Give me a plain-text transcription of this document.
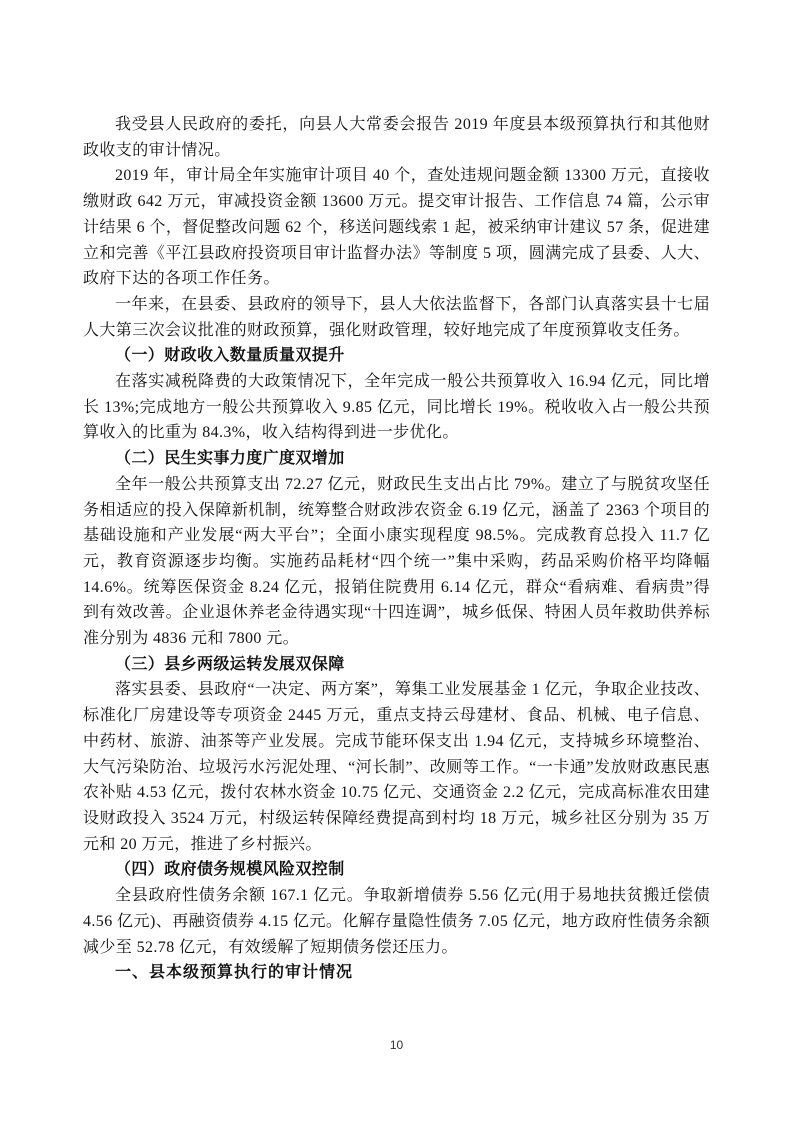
我受县人民政府的委托，向县人大常委会报告 2019 年度县本级预算执行和其他财政收支的审计情况。

2019 年，审计局全年实施审计项目 40 个，查处违规问题金额 13300 万元，直接收缴财政 642 万元，审减投资金额 13600 万元。提交审计报告、工作信息 74 篇，公示审计结果 6 个，督促整改问题 62 个，移送问题线索 1 起，被采纳审计建议 57 条，促进建立和完善《平江县政府投资项目审计监督办法》等制度 5 项，圆满完成了县委、人大、政府下达的各项工作任务。

一年来，在县委、县政府的领导下，县人大依法监督下，各部门认真落实县十七届人大第三次会议批准的财政预算，强化财政管理，较好地完成了年度预算收支任务。

（一）财政收入数量质量双提升

在落实减税降费的大政策情况下，全年完成一般公共预算收入 16.94 亿元，同比增长 13%;完成地方一般公共预算收入 9.85 亿元，同比增长 19%。税收收入占一般公共预算收入的比重为 84.3%，收入结构得到进一步优化。

（二）民生实事力度广度双增加

全年一般公共预算支出 72.27 亿元，财政民生支出占比 79%。建立了与脱贫攻坚任务相适应的投入保障新机制，统筹整合财政涉农资金 6.19 亿元，涵盖了 2363 个项目的基础设施和产业发展“两大平台”；全面小康实现程度 98.5%。完成教育总投入 11.7 亿元，教育资源逐步均衡。实施药品耗材“四个统一”集中采购，药品采购价格平均降幅 14.6%。统筹医保资金 8.24 亿元，报销住院费用 6.14 亿元，群众“看病难、看病贵”得到有效改善。企业退休养老金待遇实现“十四连调”，城乡低保、特困人员年救助供养标准分别为 4836 元和 7800 元。

（三）县乡两级运转发展双保障

落实县委、县政府“一决定、两方案”，筹集工业发展基金 1 亿元，争取企业技改、标准化厂房建设等专项资金 2445 万元，重点支持云母建材、食品、机械、电子信息、中药材、旅游、油茶等产业发展。完成节能环保支出 1.94 亿元，支持城乡环境整治、大气污染防治、垃圾污水污泥处理、“河长制”、改厕等工作。“一卡通”发放财政惠民惠农补贴 4.53 亿元，拨付农林水资金 10.75 亿元、交通资金 2.2 亿元，完成高标准农田建设财政投入 3524 万元，村级运转保障经费提高到村均 18 万元，城乡社区分别为 35 万元和 20 万元，推进了乡村振兴。

（四）政府债务规模风险双控制

全县政府性债务余额 167.1 亿元。争取新增债券 5.56 亿元(用于易地扶贫搬迁偿债 4.56 亿元)、再融资债券 4.15 亿元。化解存量隐性债务 7.05 亿元，地方政府性债务余额减少至 52.78 亿元，有效缓解了短期债务偿还压力。

一、县本级预算执行的审计情况

10
